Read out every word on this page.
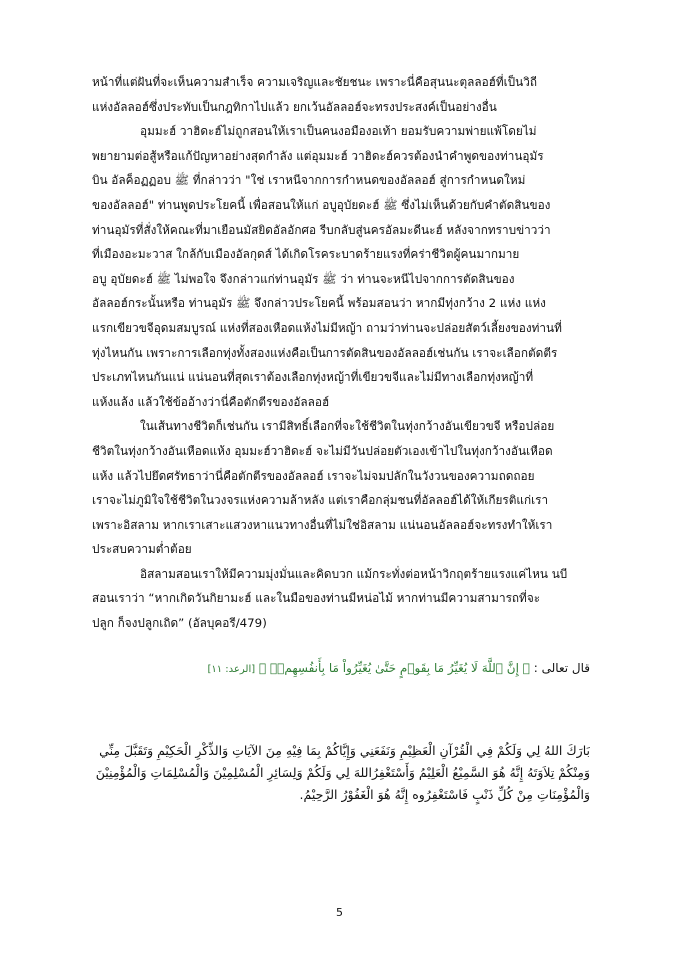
หน้าที่แต่ฝันที่จะเห็นความสำเร็จ ความเจริญและชัยชนะ เพราะนี่คือสุนนะตุลลอฮ์ที่เป็นวิถี
แห่งอัลลอฮ์ซึ่งประทับเป็นกฎทิกาไปแล้ว ยกเว้นอัลลอฮ์จะทรงประสงค์เป็นอย่างอื่น

อุมมะฮ์ วาฮิดะฮ์ไม่ถูกสอนให้เราเป็นคนงอมืองอเท้า ยอมรับความพ่ายแพ้โดยไม่
พยายามต่อสู้หรือแก้ปัญหาอย่างสุดกำลัง แต่อุมมะฮ์ วาฮิดะฮ์ควรต้องนำคำพูดของท่านอุมัร
บิน อัลค็อฏฏอบ ﷺ ที่กล่าวว่า "ใช่ เราหนีจากการกำหนดของอัลลอฮ์ สู่การกำหนดใหม่
ของอัลลอฮ์" ท่านพูดประโยคนี้ เพื่อสอนให้แก่ อบูอุบัยดะฮ์ ﷺ ซึ่งไม่เห็นด้วยกับคำตัดสินของ
ท่านอุมัรที่สั่งให้คณะที่มาเยือนมัสยิดอัลอักศอ รีบกลับสู่นครอัลมะดีนะฮ์ หลังจากทราบข่าวว่า
ที่เมืองอะมะวาส ใกล้กับเมืองอัลกุดส์ ได้เกิดโรคระบาดร้ายแรงที่คร่าชีวิตผู้คนมากมาย
อบู อุบัยดะฮ์ ﷺ ไม่พอใจ จึงกล่าวแก่ท่านอุมัร ﷺ ว่า ท่านจะหนีไปจากการตัดสินของ
อัลลอฮ์กระนั้นหรือ ท่านอุมัร ﷺ จึงกล่าวประโยคนี้ พร้อมสอนว่า หากมีทุ่งกว้าง 2 แห่ง แห่ง
แรกเขียวขจีอุดมสมบูรณ์ แห่งที่สองเหือดแห้งไม่มีหญ้า ถามว่าท่านจะปล่อยสัตว์เลี้ยงของท่านที่
ทุ่งไหนกัน เพราะการเลือกทุ่งทั้งสองแห่งคือเป็นการตัดสินของอัลลอฮ์เช่นกัน เราจะเลือกตัดตีร
ประเภทไหนกันแน่ แน่นอนที่สุดเราต้องเลือกทุ่งหญ้าที่เขียวขจีและไม่มีทางเลือกทุ่งหญ้าที่
แห้งแล้ง แล้วใช้ข้ออ้างว่านี่คือตักตีรของอัลลอฮ์

ในเส้นทางชีวิตก็เช่นกัน เรามีสิทธิ์เลือกที่จะใช้ชีวิตในทุ่งกว้างอันเขียวขจี หรือปล่อย
ชีวิตในทุ่งกว้างอันเหือดแห้ง อุมมะฮ์วาฮิดะฮ์ จะไม่มีวันปล่อยตัวเองเข้าไปในทุ่งกว้างอันเหือด
แห้ง แล้วไปยึดศรัทธาว่านี่คือตักตีรของอัลลอฮ์ เราจะไม่จมปลักในวังวนของความถดถอย
เราจะไม่ภูมิใจใช้ชีวิตในวงจรแห่งความล้าหลัง แต่เราคือกลุ่มชนที่อัลลอฮ์ได้ให้เกียรติแก่เรา
เพราะอิสลาม หากเราเสาะแสวงหาแนวทางอื่นที่ไม่ใช่อิสลาม แน่นอนอัลลอฮ์จะทรงทำให้เรา
ประสบความต่ำต้อย

อิสลามสอนเราให้มีความมุ่งมั่นและคิดบวก แม้กระทั่งต่อหน้าวิกฤตร้ายแรงแค่ไหน นบี
สอนเราว่า “หากเกิดวันกิยามะฮ์ และในมือของท่านมีหน่อไม้ หากท่านมีความสามารถที่จะ
ปลูก ก็จงปลูกเถิด” (อัลบุคอรี/479)

قال تعالى : ﴿ إِنَّ ٱللَّهَ لَا يُغَيِّرُ مَا بِقَوۡمٍ حَتَّىٰ يُغَيِّرُواْ مَا بِأَنفُسِهِمۡۗ ﴾ [الرعد: ١١]
بَارَكَ اللهُ لِي وَلَكُمْ فِي الْقُرْآنِ الْعَظِيْمِ وَنَفَعَنِي وَإِيَّاكُمْ بِمَا فِيْهِ مِنَ الآيَاتِ وَالذِّكْرِ الْحَكِيْمِ وَتَقَبَّلَ مِنِّي
وَمِنْكُمْ تِلاَوَتَهُ إِنَّهُ هُوَ السَّمِيْعُ الْعَلِيْمُ وَأَسْتَغْفِرُاللهَ لِي وَلَكُمْ وَلِسَائِرِ الْمُسْلِمِيْنَ وَالْمُسْلِمَاتِ وَالْمُؤْمِنِيْنَ
وَالْمُؤْمِنَاتِ مِنْ كُلِّ ذَنْبٍ فَاسْتَغْفِرُوه إِنَّهُ هُوَ الْغَفُوْرُ الرَّحِيْمُ.
5
